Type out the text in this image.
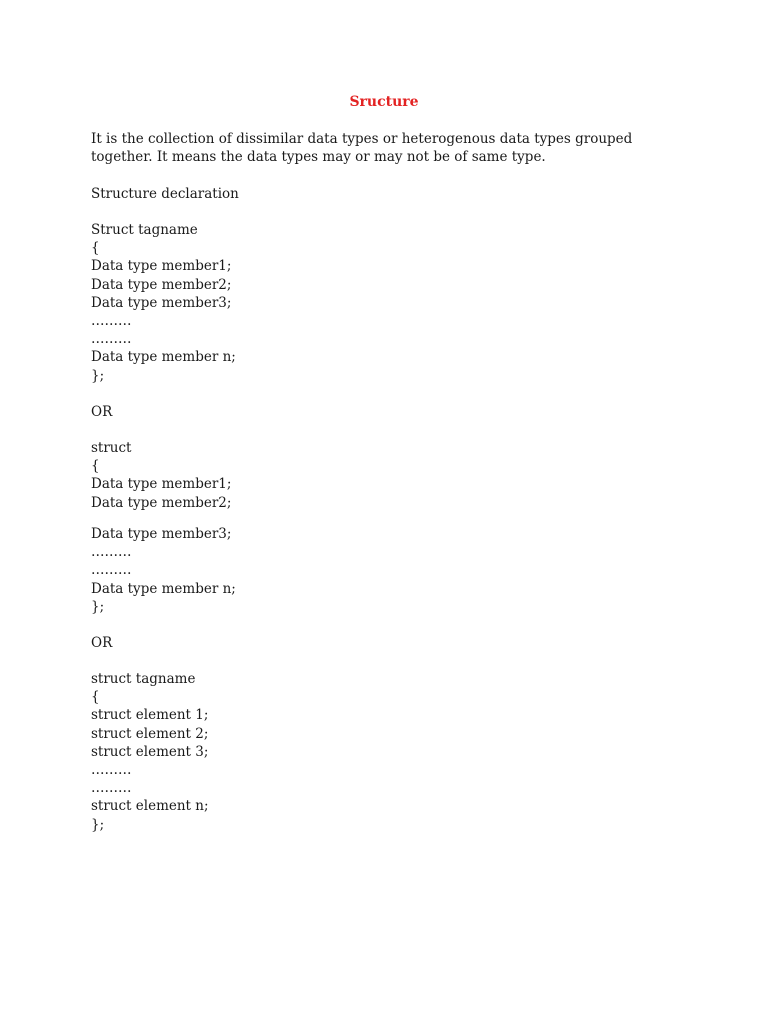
Sructure
It is the collection of dissimilar data types or heterogenous data types grouped
together. It means the data types may or may not be of same type.
Structure declaration
Struct tagname
{
Data type member1;
Data type member2;
Data type member3;
………
………
Data type member n;
};
OR
struct
{
Data type member1;
Data type member2;
Data type member3;
………
………
Data type member n;
};
OR
struct tagname
{
struct element 1;
struct element 2;
struct element 3;
………
………
struct element n;
};
